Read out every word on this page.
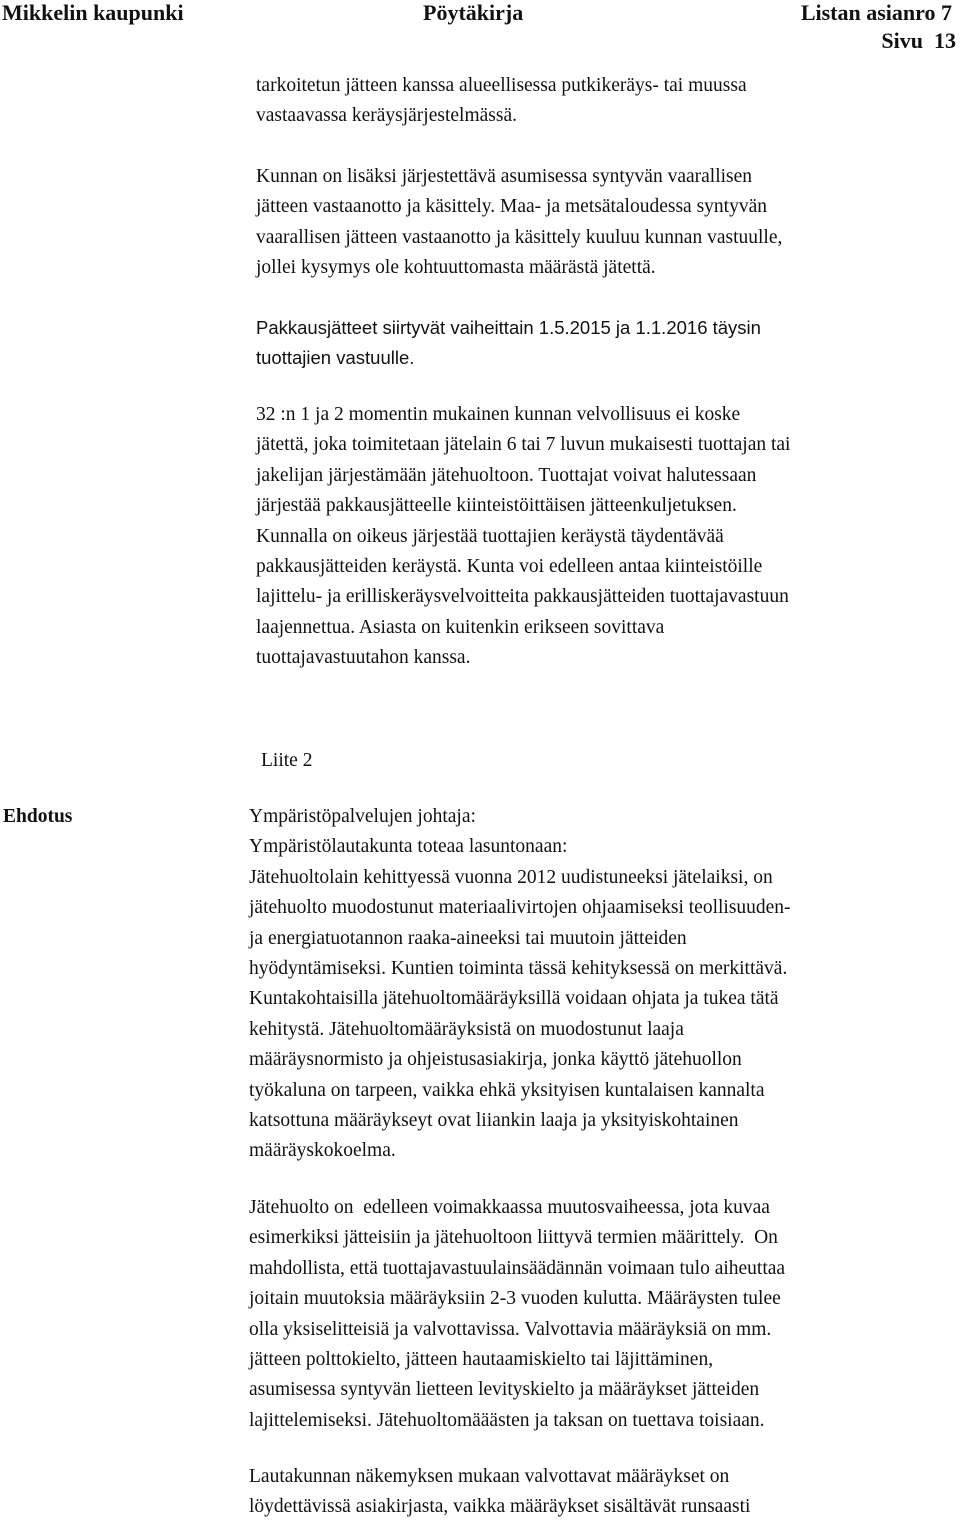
Mikkelin kaupunki	Pöytäkirja	Listan asianro 7
Sivu  13
tarkoitetun jätteen kanssa alueellisessa putkikeräys- tai muussa
vastaavassa keräysjärjestelmässä.
Kunnan on lisäksi järjestettävä asumisessa syntyvän vaarallisen
jätteen vastaanotto ja käsittely. Maa- ja metsätaloudessa syntyvän
vaarallisen jätteen vastaanotto ja käsittely kuuluu kunnan vastuulle,
jollei kysymys ole kohtuuttomasta määrästä jätettä.
Pakkausjätteet siirtyvät vaiheittain 1.5.2015 ja 1.1.2016 täysin
tuottajien vastuulle.
32 :n 1 ja 2 momentin mukainen kunnan velvollisuus ei koske
jätettä, joka toimitetaan jätelain 6 tai 7 luvun mukaisesti tuottajan tai
jakelijan järjestämään jätehuoltoon. Tuottajat voivat halutessaan
järjestää pakkausjätteelle kiinteistöittäisen jätteenkuljetuksen.
Kunnalla on oikeus järjestää tuottajien keräystä täydentävää
pakkausjätteiden keräystä. Kunta voi edelleen antaa kiinteistöille
lajittelu- ja erilliskeräysvelvoitteita pakkausjätteiden tuottajavastuun
laajennettua. Asiasta on kuitenkin erikseen sovittava
tuottajavastuutahon kanssa.
Liite 2
Ehdotus	Ympäristöpalvelujen johtaja:
Ympäristölautakunta toteaa lasuntonaan:
Jätehuoltolain kehittyessä vuonna 2012 uudistuneeksi jätelaiksi, on
jätehuolto muodostunut materiaalivirtojen ohjaamiseksi teollisuuden-
ja energiatuotannon raaka-aineeksi tai muutoin jätteiden
hyödyntämiseksi. Kuntien toiminta tässä kehityksessä on merkittävä.
Kuntakohtaisilla jätehuoltomääräyksillä voidaan ohjata ja tukea tätä
kehitystä. Jätehuoltomääräyksistä on muodostunut laaja
määräysnormisto ja ohjeistusasiakirja, jonka käyttö jätehuollon
työkaluna on tarpeen, vaikka ehkä yksityisen kuntalaisen kannalta
katsottuna määräykseyt ovat liiankin laaja ja yksityiskohtainen
määräyskokoelma.
Jätehuolto on  edelleen voimakkaassa muutosvaiheessa, jota kuvaa
esimerkiksi jätteisiin ja jätehuoltoon liittyvä termien määrittely.  On
mahdollista, että tuottajavastuulainsäädännän voimaan tulo aiheuttaa
joitain muutoksia määräyksiin 2-3 vuoden kulutta. Määräysten tulee
olla yksiselitteisiä ja valvottavissa. Valvottavia määräyksiä on mm.
jätteen polttokielto, jätteen hautaamiskielto tai läjittäminen,
asumisessa syntyvän lietteen levityskielto ja määräykset jätteiden
lajittelemiseksi. Jätehuoltomääästen ja taksan on tuettava toisiaan.
Lautakunnan näkemyksen mukaan valvottavat määräykset on
löydettävissä asiakirjasta, vaikka määräykset sisältävät runsaasti
